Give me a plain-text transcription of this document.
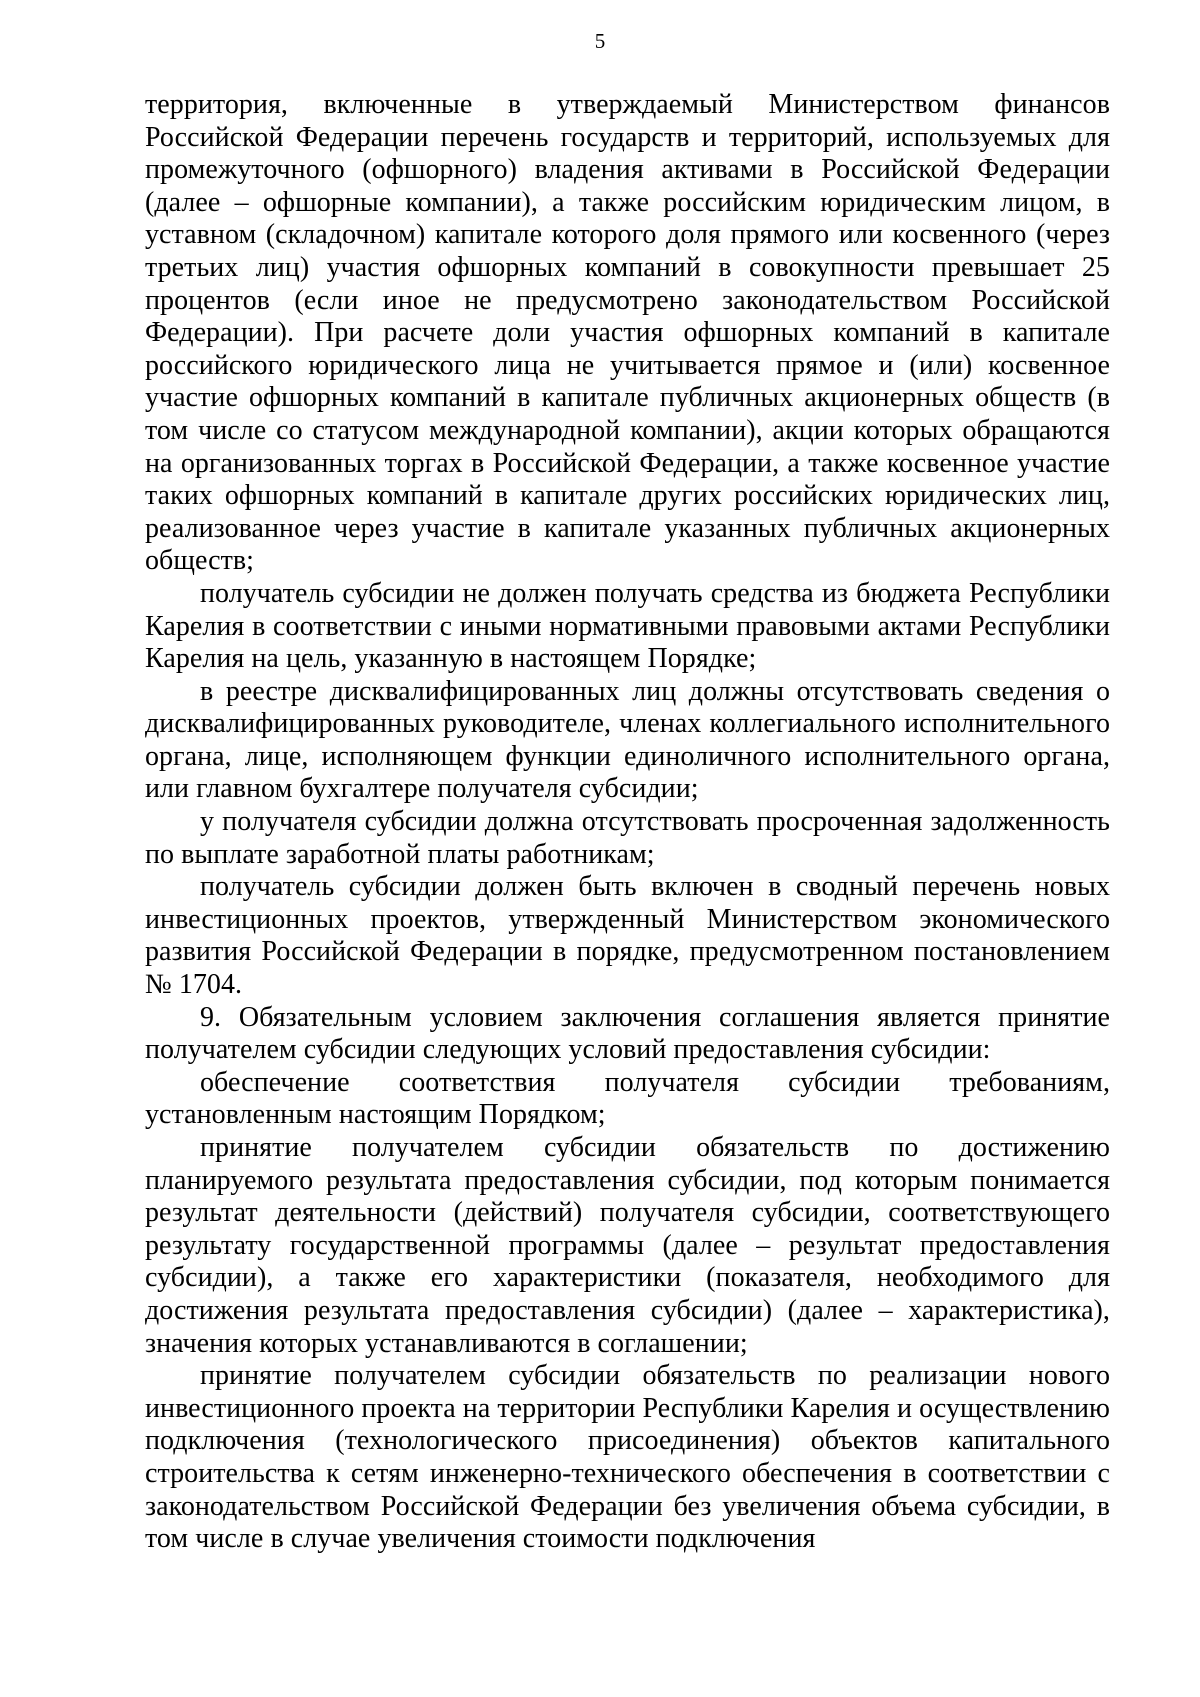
5

территория, включенные в утверждаемый Министерством финансов Российской Федерации перечень государств и территорий, используемых для промежуточного (офшорного) владения активами в Российской Федерации (далее – офшорные компании), а также российским юридическим лицом, в уставном (складочном) капитале которого доля прямого или косвенного (через третьих лиц) участия офшорных компаний в совокупности превышает 25 процентов (если иное не предусмотрено законодательством Российской Федерации). При расчете доли участия офшорных компаний в капитале российского юридического лица не учитывается прямое и (или) косвенное участие офшорных компаний в капитале публичных акционерных обществ (в том числе со статусом международной компании), акции которых обращаются на организованных торгах в Российской Федерации, а также косвенное участие таких офшорных компаний в капитале других российских юридических лиц, реализованное через участие в капитале указанных публичных акционерных обществ;

получатель субсидии не должен получать средства из бюджета Республики Карелия в соответствии с иными нормативными правовыми актами Республики Карелия на цель, указанную в настоящем Порядке;

в реестре дисквалифицированных лиц должны отсутствовать сведения о дисквалифицированных руководителе, членах коллегиального исполнительного органа, лице, исполняющем функции единоличного исполнительного органа, или главном бухгалтере получателя субсидии;

у получателя субсидии должна отсутствовать просроченная задолженность по выплате заработной платы работникам;

получатель субсидии должен быть включен в сводный перечень новых инвестиционных проектов, утвержденный Министерством экономического развития Российской Федерации в порядке, предусмотренном постановлением № 1704.

9. Обязательным условием заключения соглашения является принятие получателем субсидии следующих условий предоставления субсидии:

обеспечение соответствия получателя субсидии требованиям, установленным настоящим Порядком;

принятие получателем субсидии обязательств по достижению планируемого результата предоставления субсидии, под которым понимается результат деятельности (действий) получателя субсидии, соответствующего результату государственной программы (далее – результат предоставления субсидии), а также его характеристики (показателя, необходимого для достижения результата предоставления субсидии) (далее – характеристика), значения которых устанавливаются в соглашении;

принятие получателем субсидии обязательств по реализации нового инвестиционного проекта на территории Республики Карелия и осуществлению подключения (технологического присоединения) объектов капитального строительства к сетям инженерно-технического обеспечения в соответствии с законодательством Российской Федерации без увеличения объема субсидии, в том числе в случае увеличения стоимости подключения
